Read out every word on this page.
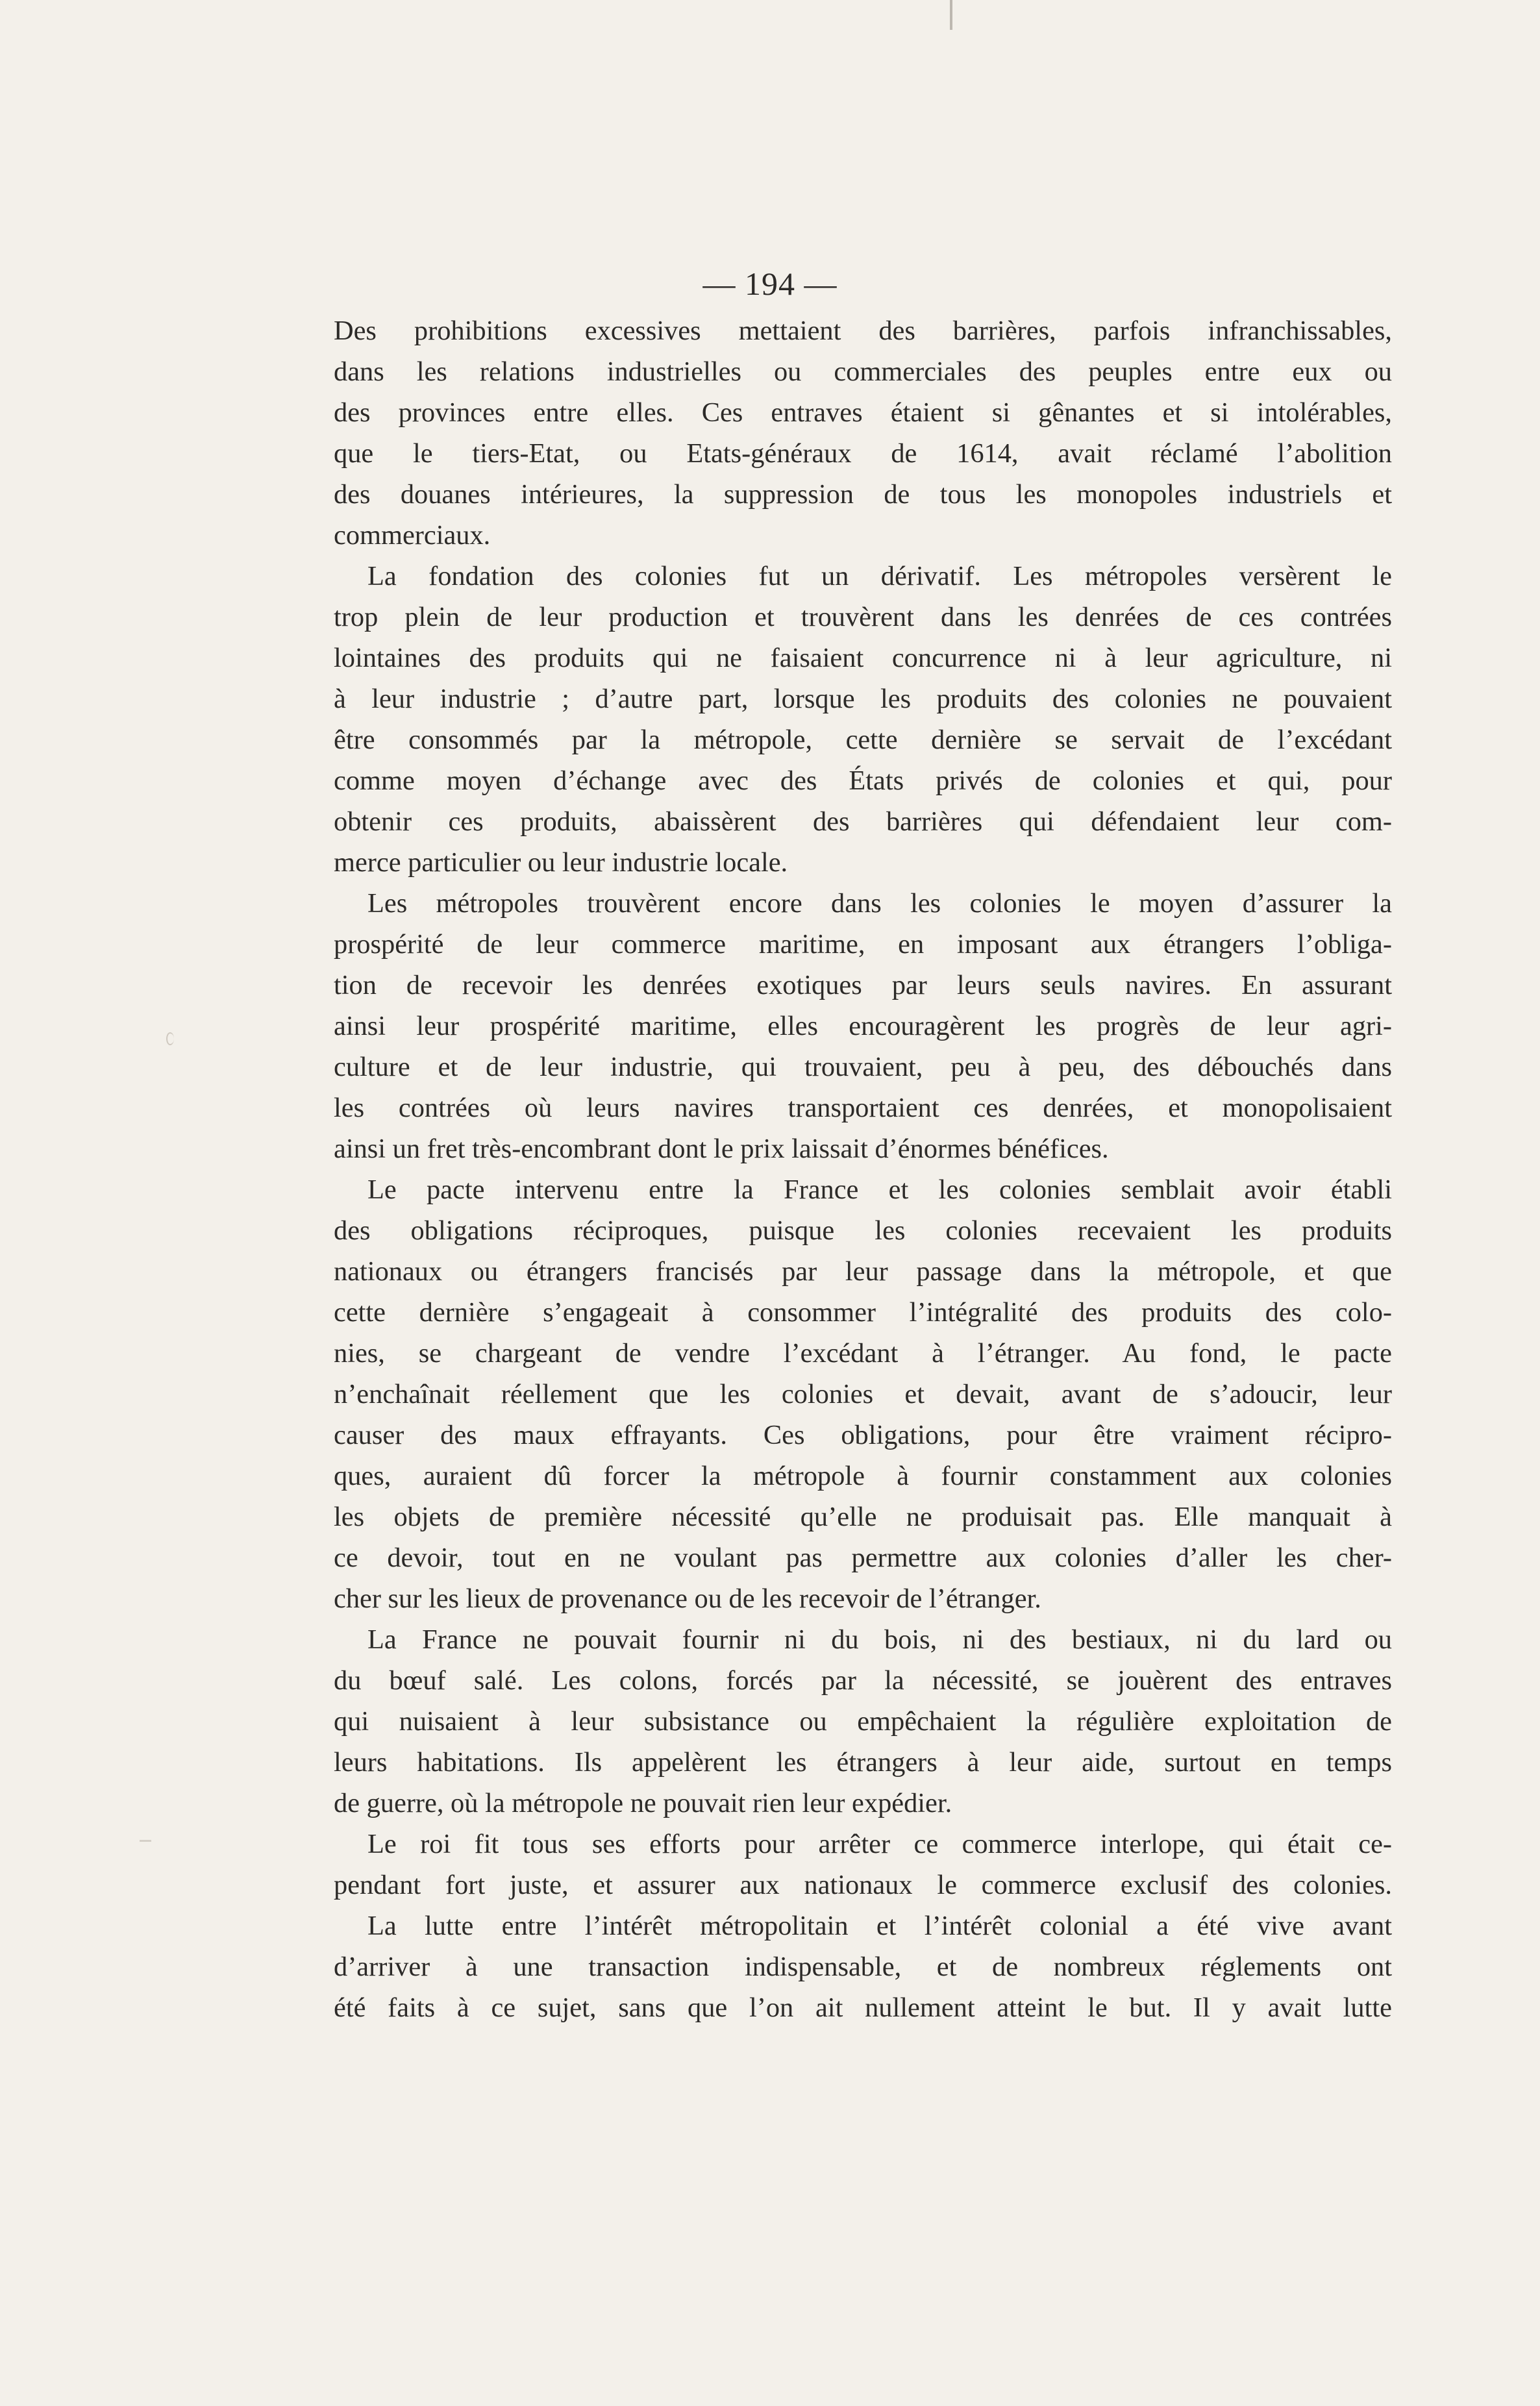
— 194 —

Des prohibitions excessives mettaient des barrières, parfois infranchissables,
dans les relations industrielles ou commerciales des peuples entre eux ou
des provinces entre elles. Ces entraves étaient si gênantes et si intolérables,
que le tiers-Etat, ou Etats-généraux de 1614, avait réclamé l’abolition
des douanes intérieures, la suppression de tous les monopoles industriels et
commerciaux.

La fondation des colonies fut un dérivatif. Les métropoles versèrent le
trop plein de leur production et trouvèrent dans les denrées de ces contrées
lointaines des produits qui ne faisaient concurrence ni à leur agriculture, ni
à leur industrie ; d’autre part, lorsque les produits des colonies ne pouvaient
être consommés par la métropole, cette dernière se servait de l’excédant
comme moyen d’échange avec des États privés de colonies et qui, pour
obtenir ces produits, abaissèrent des barrières qui défendaient leur com-
merce particulier ou leur industrie locale.

Les métropoles trouvèrent encore dans les colonies le moyen d’assurer la
prospérité de leur commerce maritime, en imposant aux étrangers l’obliga-
tion de recevoir les denrées exotiques par leurs seuls navires. En assurant
ainsi leur prospérité maritime, elles encouragèrent les progrès de leur agri-
culture et de leur industrie, qui trouvaient, peu à peu, des débouchés dans
les contrées où leurs navires transportaient ces denrées, et monopolisaient
ainsi un fret très-encombrant dont le prix laissait d’énormes bénéfices.

Le pacte intervenu entre la France et les colonies semblait avoir établi
des obligations réciproques, puisque les colonies recevaient les produits
nationaux ou étrangers francisés par leur passage dans la métropole, et que
cette dernière s’engageait à consommer l’intégralité des produits des colo-
nies, se chargeant de vendre l’excédant à l’étranger. Au fond, le pacte
n’enchaînait réellement que les colonies et devait, avant de s’adoucir, leur
causer des maux effrayants. Ces obligations, pour être vraiment récipro-
ques, auraient dû forcer la métropole à fournir constamment aux colonies
les objets de première nécessité qu’elle ne produisait pas. Elle manquait à
ce devoir, tout en ne voulant pas permettre aux colonies d’aller les cher-
cher sur les lieux de provenance ou de les recevoir de l’étranger.

La France ne pouvait fournir ni du bois, ni des bestiaux, ni du lard ou
du bœuf salé. Les colons, forcés par la nécessité, se jouèrent des entraves
qui nuisaient à leur subsistance ou empêchaient la régulière exploitation de
leurs habitations. Ils appelèrent les étrangers à leur aide, surtout en temps
de guerre, où la métropole ne pouvait rien leur expédier.

Le roi fit tous ses efforts pour arrêter ce commerce interlope, qui était ce-
pendant fort juste, et assurer aux nationaux le commerce exclusif des colonies.

La lutte entre l’intérêt métropolitain et l’intérêt colonial a été vive avant
d’arriver à une transaction indispensable, et de nombreux réglements ont
été faits à ce sujet, sans que l’on ait nullement atteint le but. Il y avait lutte
